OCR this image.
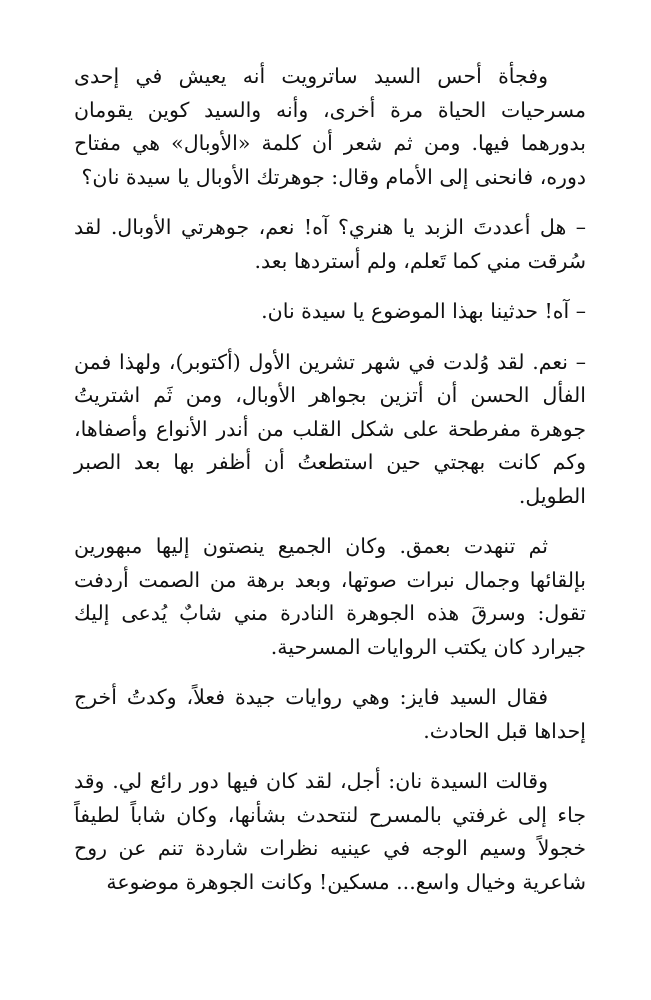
وفجأة أحس السيد ساترويت أنه يعيش في إحدى مسرحيات الحياة مرة أخرى، وأنه والسيد كوين يقومان بدورهما فيها. ومن ثم شعر أن كلمة «الأوبال» هي مفتاح دوره، فانحنى إلى الأمام وقال: جوهرتك الأوبال يا سيدة نان؟

– هل أعددتَ الزبد يا هنري؟ آه! نعم، جوهرتي الأوبال. لقد سُرقت مني كما تَعلم، ولم أستردها بعد.

– آه! حدثينا بهذا الموضوع يا سيدة نان.

– نعم. لقد وُلدت في شهر تشرين الأول (أكتوبر)، ولهذا فمن الفأل الحسن أن أتزين بجواهر الأوبال، ومن ثَم اشتريتُ جوهرة مفرطحة على شكل القلب من أندر الأنواع وأصفاها، وكم كانت بهجتي حين استطعتُ أن أظفر بها بعد الصبر الطويل.

ثم تنهدت بعمق. وكان الجميع ينصتون إليها مبهورين بإلقائها وجمال نبرات صوتها، وبعد برهة من الصمت أردفت تقول: وسرقَ هذه الجوهرة النادرة مني شابٌ يُدعى إليك جيرارد كان يكتب الروايات المسرحية.

فقال السيد فايز: وهي روايات جيدة فعلاً، وكدتُ أخرج إحداها قبل الحادث.

وقالت السيدة نان: أجل، لقد كان فيها دور رائع لي. وقد جاء إلى غرفتي بالمسرح لنتحدث بشأنها، وكان شاباً لطيفاً خجولاً وسيم الوجه في عينيه نظرات شاردة تنم عن روح شاعرية وخيال واسع... مسكين! وكانت الجوهرة موضوعة
